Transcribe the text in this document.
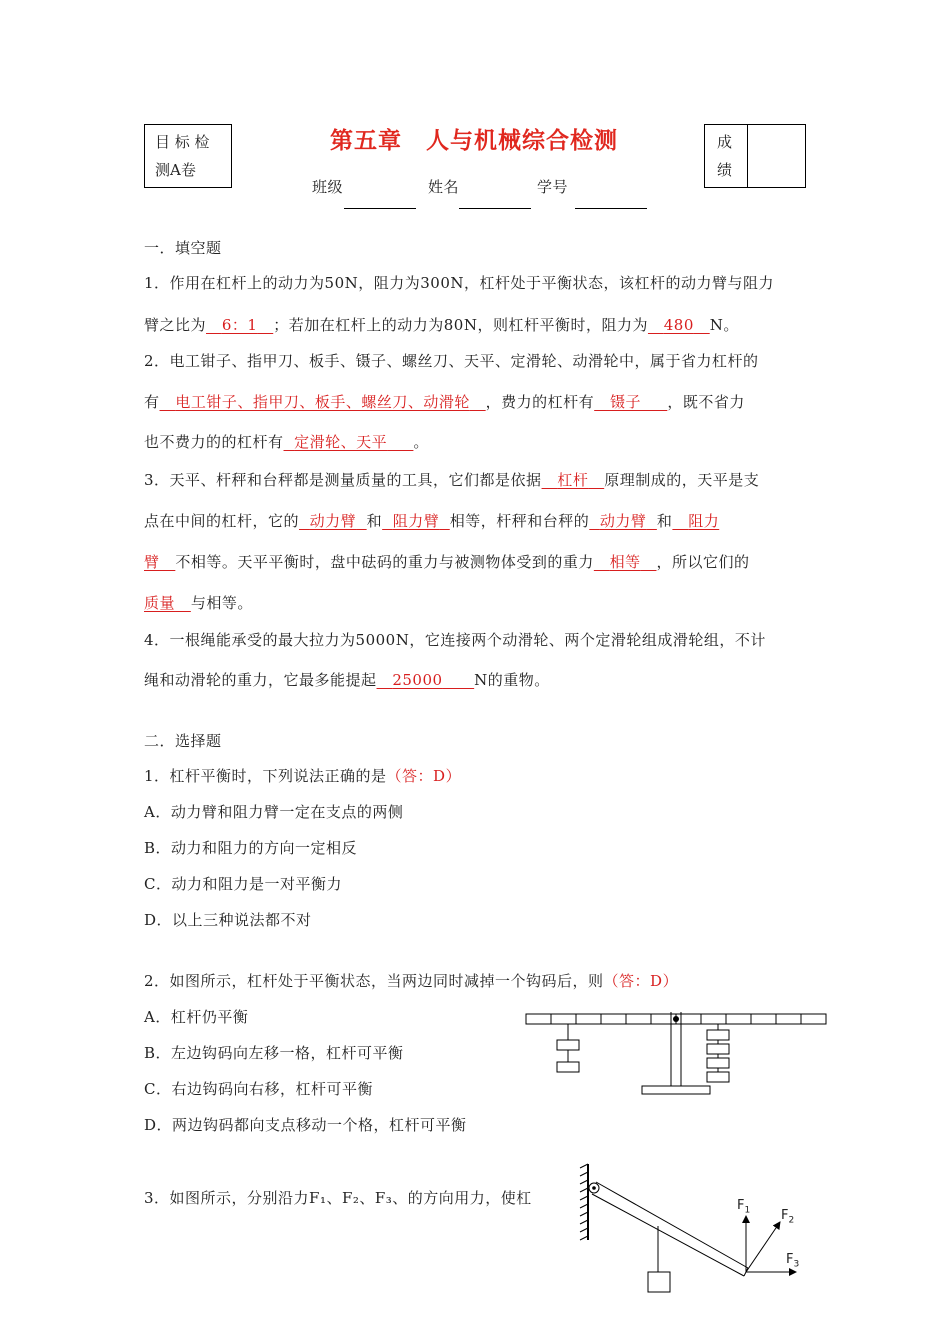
目 标 检
测A卷
第五章　人与机械综合检测	成
绩
班级	姓名	学号
一．填空题
1．作用在杠杆上的动力为50N，阻力为300N，杠杆处于平衡状态，该杠杆的动力臂与阻力
臂之比为 6：1 ；若加在杠杆上的动力为80N，则杠杆平衡时，阻力为 480 N。
2．电工钳子、指甲刀、板手、镊子、螺丝刀、天平、定滑轮、动滑轮中，属于省力杠杆的
有 电工钳子、指甲刀、板手、螺丝刀、动滑轮 ，费力的杠杆有 镊子 ，既不省力
也不费力的的杠杆有 定滑轮、天平 。
3．天平、杆秤和台秤都是测量质量的工具，它们都是依据 杠杆 原理制成的，天平是支
点在中间的杠杆，它的 动力臂 和 阻力臂 相等，杆秤和台秤的 动力臂 和 阻力
臂 不相等。天平平衡时，盘中砝码的重力与被测物体受到的重力 相等 ，所以它们的
质量 与相等。
4．一根绳能承受的最大拉力为5000N，它连接两个动滑轮、两个定滑轮组成滑轮组，不计
绳和动滑轮的重力，它最多能提起 25000 N的重物。
二．选择题
1．杠杆平衡时，下列说法正确的是（答：D）
A．动力臂和阻力臂一定在支点的两侧
B．动力和阻力的方向一定相反
C．动力和阻力是一对平衡力
D．以上三种说法都不对
2．如图所示，杠杆处于平衡状态，当两边同时减掉一个钩码后，则（答：D）
A．杠杆仍平衡
B．左边钩码向左移一格，杠杆可平衡
C．右边钩码向右移，杠杆可平衡
D．两边钩码都向支点移动一个格，杠杆可平衡
3．如图所示，分别沿力F₁、F₂、F₃、的方向用力，使杠	$F_1$ $F_2$
$F_3$
